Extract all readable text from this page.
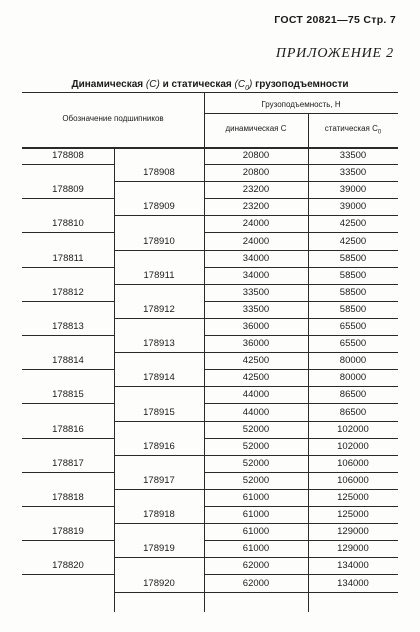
ГОСТ 20821—75 Стр. 7
ПРИЛОЖЕНИЕ 2
Динамическая (C) и статическая $(C_0)$ грузоподъемности
Обозначение подшипников
Грузоподъемность, Н
динамическая C	статическая $C_0$
178808	20800	33500
178908	20800	33500
178809	23200	39000
178909	23200	39000
178810	24000	42500
178910	24000	42500
178811	34000	58500
178911	34000	58500
178812	33500	58500
178912	33500	58500
178813	36000	65500
178913	36000	65500
178814	42500	80000
178914	42500	80000
178815	44000	86500
178915	44000	86500
178816	52000	102000
178916	52000	102000
178817	52000	106000
178917	52000	106000
178818	61000	125000
178918	61000	125000
178819	61000	129000
178919	61000	129000
178820	62000	134000
178920	62000	134000
